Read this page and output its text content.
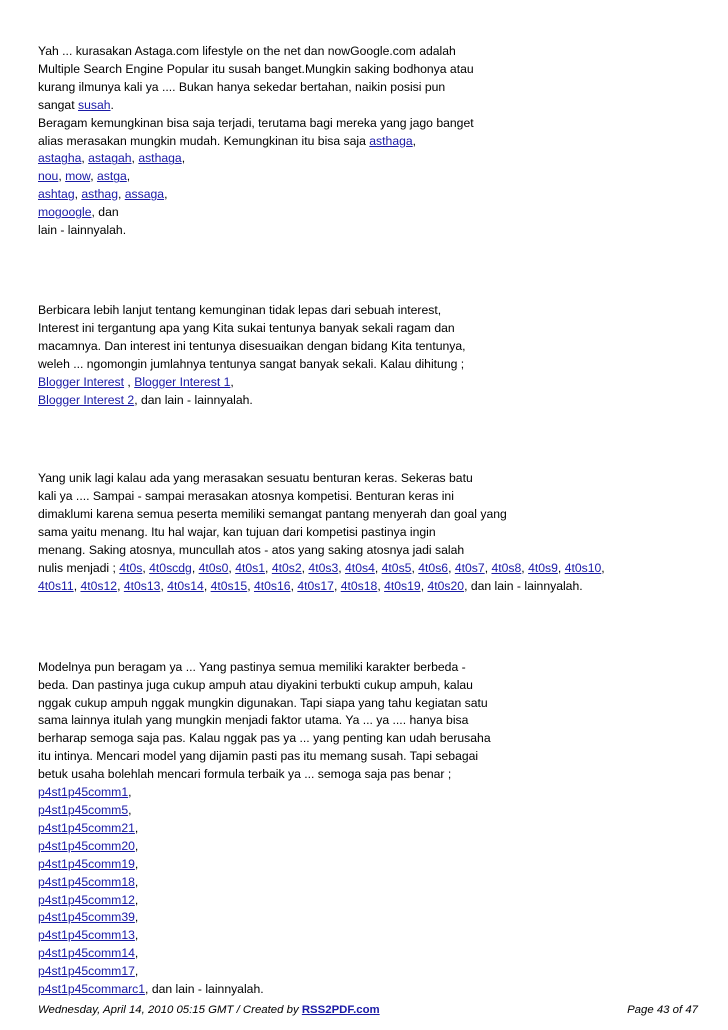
Yah ... kurasakan Astaga.com lifestyle on the net dan nowGoogle.com adalah
Multiple Search Engine Popular itu susah banget.Mungkin saking bodhonya atau
kurang ilmunya kali ya .... Bukan hanya sekedar bertahan, naikin posisi pun
sangat susah.
Beragam kemungkinan bisa saja terjadi, terutama bagi mereka yang jago banget
alias merasakan mungkin mudah. Kemungkinan itu bisa saja asthaga,
astagha, astagah, asthaga,
nou, mow, astga,
ashtag, asthag, assaga,
mogoogle, dan
lain - lainnyalah.
Berbicara lebih lanjut tentang kemunginan tidak lepas dari sebuah interest,
Interest ini tergantung apa yang Kita sukai tentunya banyak sekali ragam dan
macamnya. Dan interest ini tentunya disesuaikan dengan bidang Kita tentunya,
weleh ... ngomongin jumlahnya tentunya sangat banyak sekali. Kalau dihitung ;
Blogger Interest , Blogger Interest 1,
Blogger Interest 2, dan lain - lainnyalah.
Yang unik lagi kalau ada yang merasakan sesuatu benturan keras. Sekeras batu
kali ya .... Sampai - sampai merasakan atosnya kompetisi. Benturan keras ini
dimaklumi karena semua peserta memiliki semangat pantang menyerah dan goal yang
sama yaitu menang. Itu hal wajar, kan tujuan dari kompetisi pastinya ingin
menang. Saking atosnya, muncullah atos - atos yang saking atosnya jadi salah
nulis menjadi ; 4t0s, 4t0scdg, 4t0s0, 4t0s1, 4t0s2, 4t0s3, 4t0s4, 4t0s5, 4t0s6, 4t0s7, 4t0s8, 4t0s9, 4t0s10,
4t0s11, 4t0s12, 4t0s13, 4t0s14, 4t0s15, 4t0s16, 4t0s17, 4t0s18, 4t0s19, 4t0s20, dan lain - lainnyalah.
Modelnya pun beragam ya ... Yang pastinya semua memiliki karakter berbeda -
beda. Dan pastinya juga cukup ampuh atau diyakini terbukti cukup ampuh, kalau
nggak cukup ampuh nggak mungkin digunakan. Tapi siapa yang tahu kegiatan satu
sama lainnya itulah yang mungkin menjadi faktor utama. Ya ... ya .... hanya bisa
berharap semoga saja pas. Kalau nggak pas ya ... yang penting kan udah berusaha
itu intinya. Mencari model yang dijamin pasti pas itu memang susah. Tapi sebagai
betuk usaha bolehlah mencari formula terbaik ya ... semoga saja pas benar ;
p4st1p45comm1,
p4st1p45comm5,
p4st1p45comm21,
p4st1p45comm20,
p4st1p45comm19,
p4st1p45comm18,
p4st1p45comm12,
p4st1p45comm39,
p4st1p45comm13,
p4st1p45comm14,
p4st1p45comm17,
p4st1p45commarc1, dan lain - lainnyalah.
Wednesday, April 14, 2010 05:15 GMT / Created by RSS2PDF.com	Page 43 of 47
